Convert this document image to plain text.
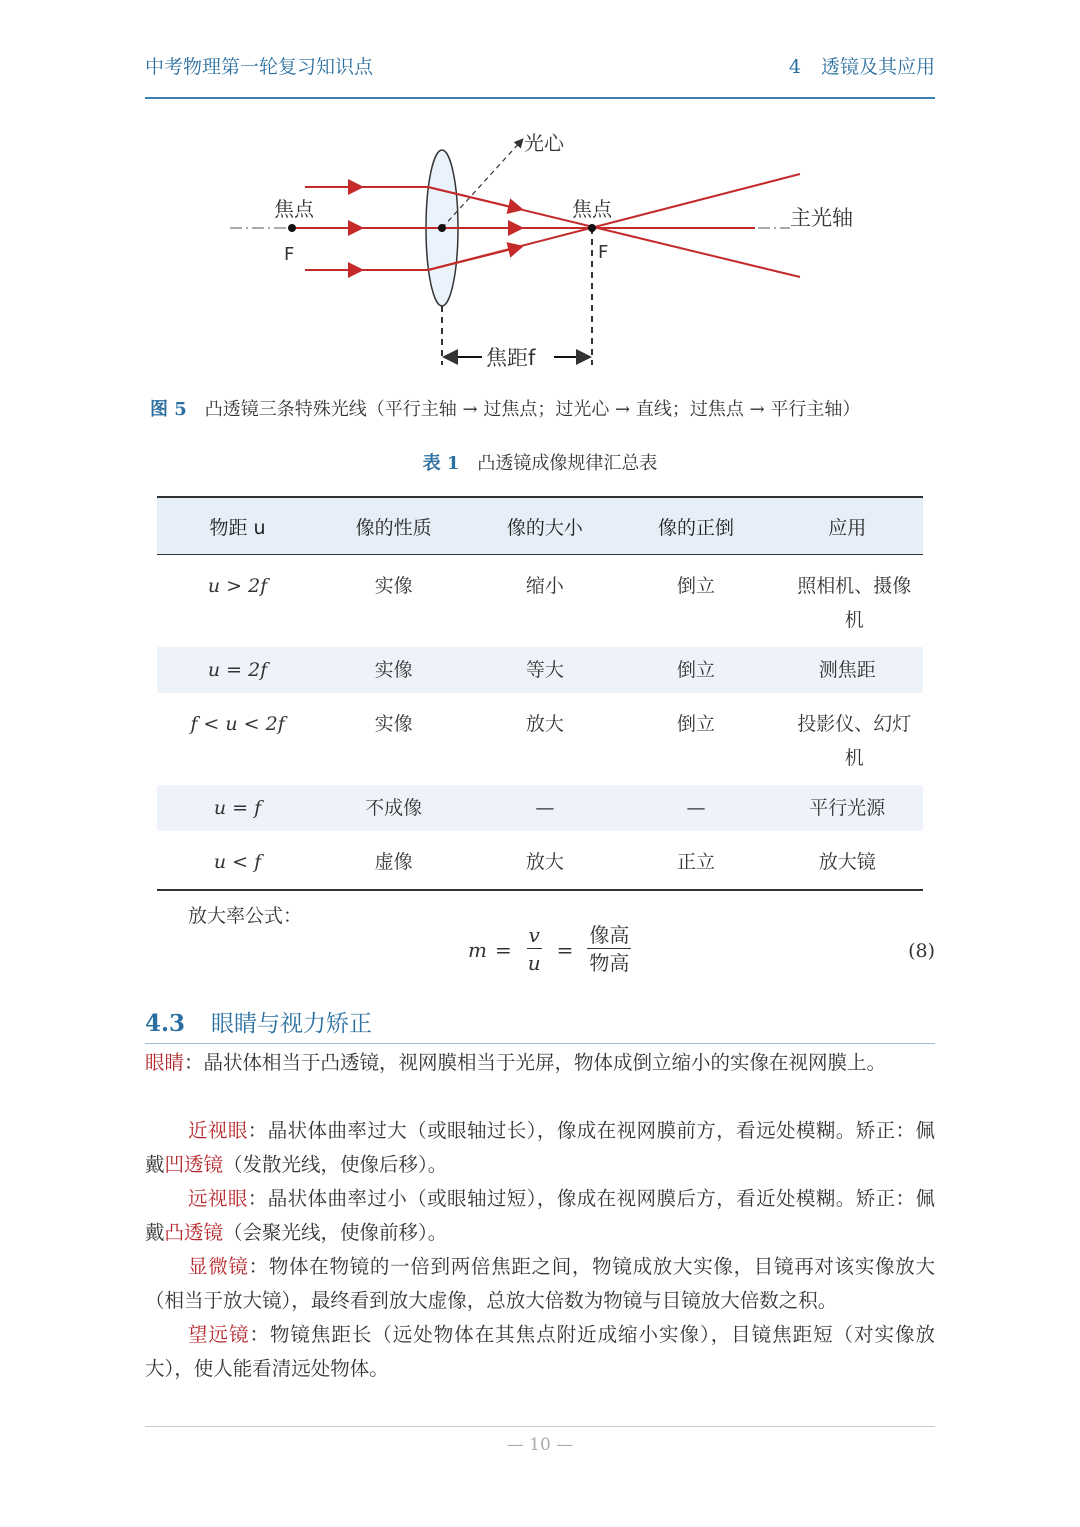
中考物理第一轮复习知识点	4 透镜及其应用
光心
焦点
F
焦点
F
主光轴
焦距f
图 5 凸透镜三条特殊光线（平行主轴 → 过焦点；过光心 → 直线；过焦点 → 平行主轴）
表 1 凸透镜成像规律汇总表
物距 u	像的性质	像的大小	像的正倒	应用
u > 2f	实像	缩小	倒立	照相机、摄像机
u = 2f	实像	等大	倒立	测焦距
f < u < 2f	实像	放大	倒立	投影仪、幻灯机
u = f	不成像	—	—	平行光源
u < f	虚像	放大	正立	放大镜
放大率公式：
$m = \frac{v}{u} = \frac{\text{像高}}{\text{物高}}$	(8)
4.3 眼睛与视力矫正
眼睛：晶状体相当于凸透镜，视网膜相当于光屏，物体成倒立缩小的实像在视网膜上。
近视眼：晶状体曲率过大（或眼轴过长），像成在视网膜前方，看远处模糊。矫正：佩戴凹透镜（发散光线，使像后移）。
远视眼：晶状体曲率过小（或眼轴过短），像成在视网膜后方，看近处模糊。矫正：佩戴凸透镜（会聚光线，使像前移）。
显微镜：物体在物镜的一倍到两倍焦距之间，物镜成放大实像，目镜再对该实像放大（相当于放大镜），最终看到放大虚像，总放大倍数为物镜与目镜放大倍数之积。
望远镜：物镜焦距长（远处物体在其焦点附近成缩小实像），目镜焦距短（对实像放大），使人能看清远处物体。
— 10 —
